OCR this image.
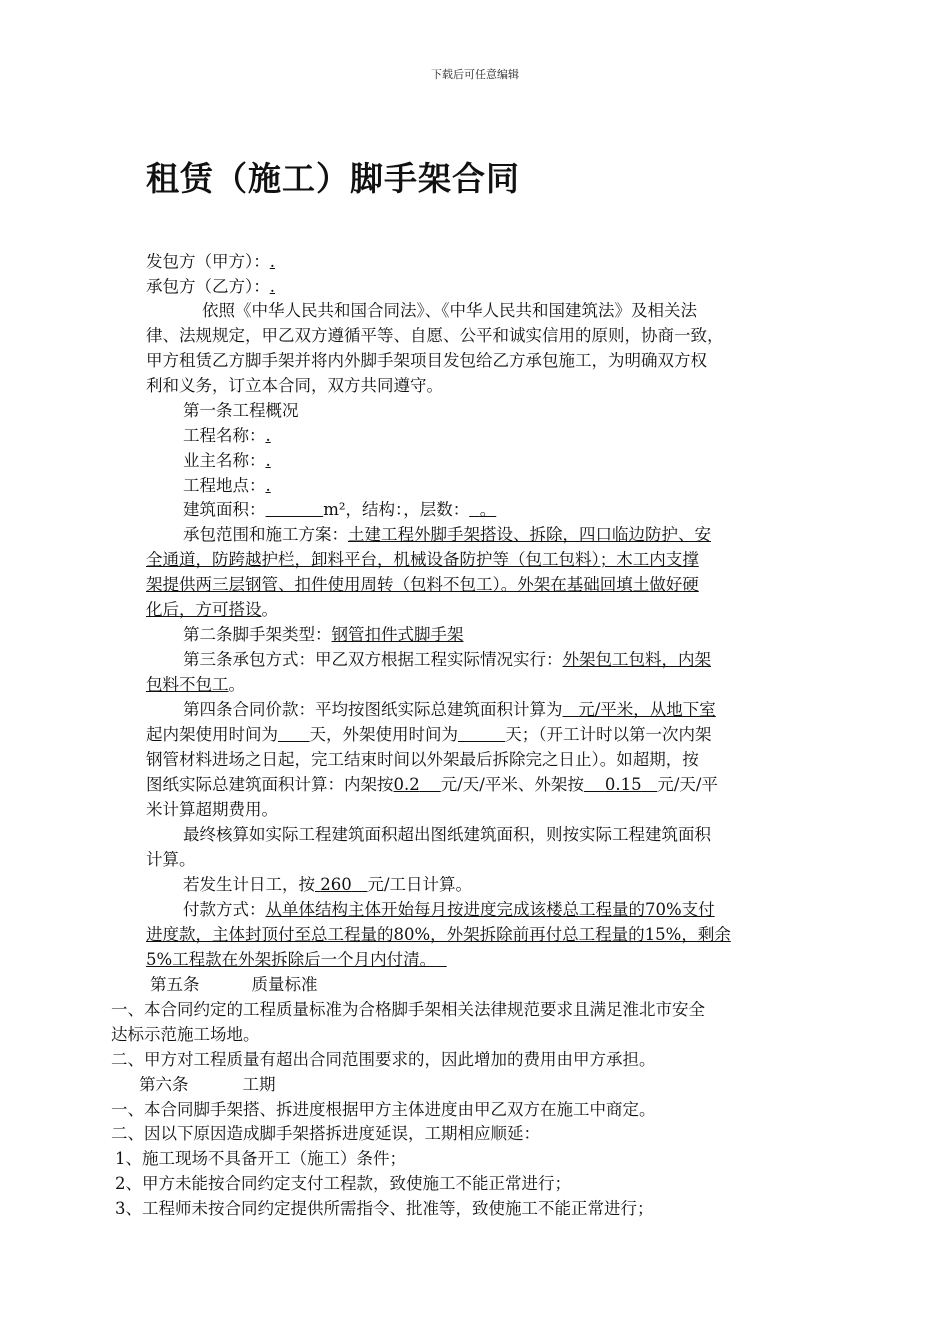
下载后可任意编辑
租赁（施工）脚手架合同
发包方（甲方）：.
承包方（乙方）：.
依照《中华人民共和国合同法》、《中华人民共和国建筑法》及相关法
律、法规规定，甲乙双方遵循平等、自愿、公平和诚实信用的原则，协商一致，
甲方租赁乙方脚手架并将内外脚手架项目发包给乙方承包施工，为明确双方权
利和义务，订立本合同，双方共同遵守。
第一条工程概况
工程名称：.
业主名称：.
工程地点：.
建筑面积：	m²，结构：，层数： 。
承包范围和施工方案：土建工程外脚手架搭设、拆除，四口临边防护、安
全通道，防跨越护栏，卸料平台，机械设备防护等（包工包料）；木工内支撑
架提供两三层钢管、扣件使用周转（包料不包工）。外架在基础回填土做好硬
化后，方可搭设。
第二条脚手架类型：钢管扣件式脚手架
第三条承包方式：甲乙双方根据工程实际情况实行：外架包工包料，内架
包料不包工。
第四条合同价款：平均按图纸实际总建筑面积计算为 元/平米，从地下室
起内架使用时间为 天，外架使用时间为	天；（开工计时以第一次内架
钢管材料进场之日起，完工结束时间以外架最后拆除完之日止）。如超期，按
图纸实际总建筑面积计算：内架按0.2 元/天/平米、外架按 0.15 元/天/平
米计算超期费用。
最终核算如实际工程建筑面积超出图纸建筑面积，则按实际工程建筑面积
计算。
若发生计日工，按 260 元/工日计算。
付款方式：从单体结构主体开始每月按进度完成该楼总工程量的70%支付
进度款，主体封顶付至总工程量的80%，外架拆除前再付总工程量的15%，剩余
5%工程款在外架拆除后一个月内付清。
第五条	质量标准
一、本合同约定的工程质量标准为合格脚手架相关法律规范要求且满足淮北市安全
达标示范施工场地。
二、甲方对工程质量有超出合同范围要求的，因此增加的费用由甲方承担。
第六条	工期
一、本合同脚手架搭、拆进度根据甲方主体进度由甲乙双方在施工中商定。
二、因以下原因造成脚手架搭拆进度延误，工期相应顺延：
1、施工现场不具备开工（施工）条件；
2、甲方未能按合同约定支付工程款，致使施工不能正常进行；
3、工程师未按合同约定提供所需指令、批准等，致使施工不能正常进行；
